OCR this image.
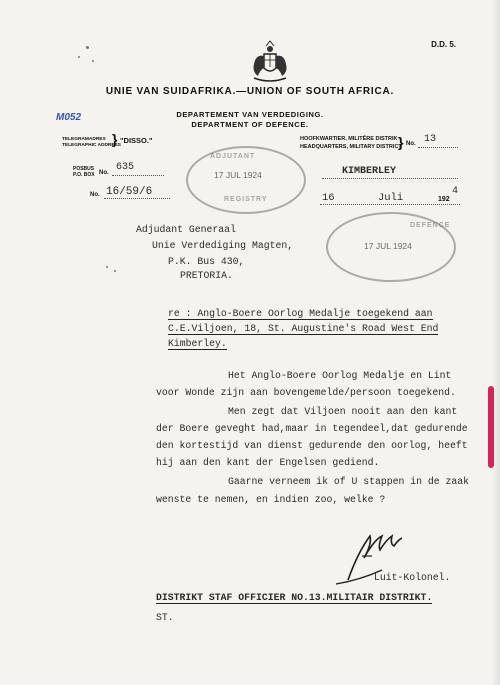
D.D. 5.
UNIE VAN SUIDAFRIKA.—UNION OF SOUTH AFRICA.
DEPARTEMENT VAN VERDEDIGING.
DEPARTMENT OF DEFENCE.
M052
TELEGRAMADRES
TELEGRAPHIC ADDRESS
} "DISSO."	HOOFKWARTIER, MILITÊRE DISTRIK
HEADQUARTERS, MILITARY DISTRICT
} No. 13
POSBUS
P.O. BOX No. 635
No. 16/59/6
ADJUTANT
17 JUL 1924
REGISTRY
KIMBERLEY
16	Juli	192
4
DEFENCE
17 JUL 1924
Adjudant Generaal
Unie Verdediging Magten,
P.K. Bus 430,
PRETORIA.
re : Anglo-Boere Oorlog Medalje toegekend aan
C.E.Viljoen, 18, St. Augustine's Road West End
Kimberley.
Het Anglo-Boere Oorlog Medalje en Lint
voor Wonde zijn aan bovengemelde/persoon toegekend.
Men zegt dat Viljoen nooit aan den kant
der Boere geveght had,maar in tegendeel,dat gedurende
den kortestijd van dienst gedurende den oorlog, heeft
hij aan den kant der Engelsen gediend.
Gaarne verneem ik of U stappen in de zaak
wenste te nemen, en indien zoo, welke ?
Luit-Kolonel.
DISTRIKT STAF OFFICIER NO.13.MILITAIR DISTRIKT.
ST.
